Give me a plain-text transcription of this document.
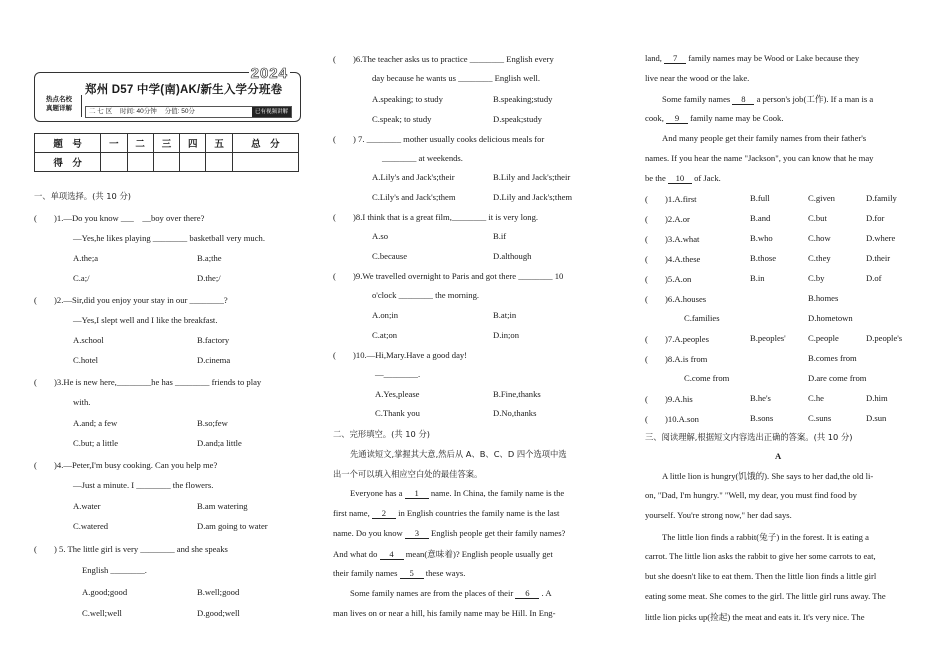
2024
热点名校
真题详解
郑州 D57 中学(南)AK/新生入学分班卷
二 七 区 时间: 40分钟 分值: 50分	已有视频讲解
题　号	一	二	三	四	五	总　分
得　分						
一、单项选择。(共 10 分)
(　　)1.—Do you know ___　__boy over there?
—Yes,he likes playing ________ basketball very much.
A.the;a	B.a;the
C.a;/	D.the;/
(　　)2.—Sir,did you enjoy your stay in our ________?
—Yes,I slept well and I like the breakfast.
A.school	B.factory
C.hotel	D.cinema
(　　)3.He is new here,________he has ________ friends to play
with.
A.and; a few	B.so;few
C.but; a little	D.and;a little
(　　)4.—Peter,I'm busy cooking. Can you help me?
—Just a minute. I ________ the flowers.
A.water	B.am watering
C.watered	D.am going to water
(　　) 5. The little girl is very ________ and she speaks
English ________.
A.good;good	B.well;good
C.well;well	D.good;well
(　　)6.The teacher asks us to practice ________ English every
day because he wants us ________ English well.
A.speaking; to study	B.speaking;study
C.speak; to study	D.speak;study
(　　) 7. ________ mother usually cooks delicious meals for
________ at weekends.
A.Lily's and Jack's;their	B.Lily and Jack's;their
C.Lily's and Jack's;them	D.Lily and Jack's;them
(　　)8.I think that is a great film,________ it is very long.
A.so	B.if
C.because	D.although
(　　)9.We travelled overnight to Paris and got there ________ 10
o'clock ________ the morning.
A.on;in	B.at;in
C.at;on	D.in;on
(　　)10.—Hi,Mary.Have a good day!
—________.
A.Yes,please	B.Fine,thanks
C.Thank you	D.No,thanks
二、完形填空。(共 10 分)
先通读短文,掌握其大意,然后从 A、B、C、D 四个选项中选
出一个可以填入相应空白处的最佳答案。
Everyone has a 1 name. In China, the family name is the
first name, 2 in English countries the family name is the last
name. Do you know 3 English people get their family names?
And what do 4 mean(意味着)? English people usually get
their family names 5 these ways.
Some family names are from the places of their 6 . A
man lives on or near a hill, his family name may be Hill. In Eng-
land, 7 family names may be Wood or Lake because they
live near the wood or the lake.
Some family names 8 a person's job(工作). If a man is a
cook, 9 family name may be Cook.
And many people get their family names from their father's
names. If you hear the name "Jackson", you can know that he may
be the 10 of Jack.
(　　)1.A.first	B.full	C.given	D.family
(　　)2.A.or	B.and	C.but	D.for
(　　)3.A.what	B.who	C.how	D.where
(　　)4.A.these	B.those	C.they	D.their
(　　)5.A.on	B.in	C.by	D.of
(　　)6.A.houses	B.homes
C.families	D.hometown
(　　)7.A.peoples	B.peoples'	C.people	D.people's
(　　)8.A.is from	B.comes from
C.come from	D.are come from
(　　)9.A.his	B.he's	C.he	D.him
(　　)10.A.son	B.sons	C.suns	D.sun
三、阅读理解,根据短文内容选出正确的答案。(共 10 分)
A
A little lion is hungry(饥饿的). She says to her dad,the old li-
on, "Dad, I'm hungry." "Well, my dear, you must find food by
yourself. You're strong now," her dad says.
The little lion finds a rabbit(兔子) in the forest. It is eating a
carrot. The little lion asks the rabbit to give her some carrots to eat,
but she doesn't like to eat them. Then the little lion finds a little girl
eating some meat. She comes to the girl. The little girl runs away. The
little lion picks up(捡起) the meat and eats it. It's very nice. The
